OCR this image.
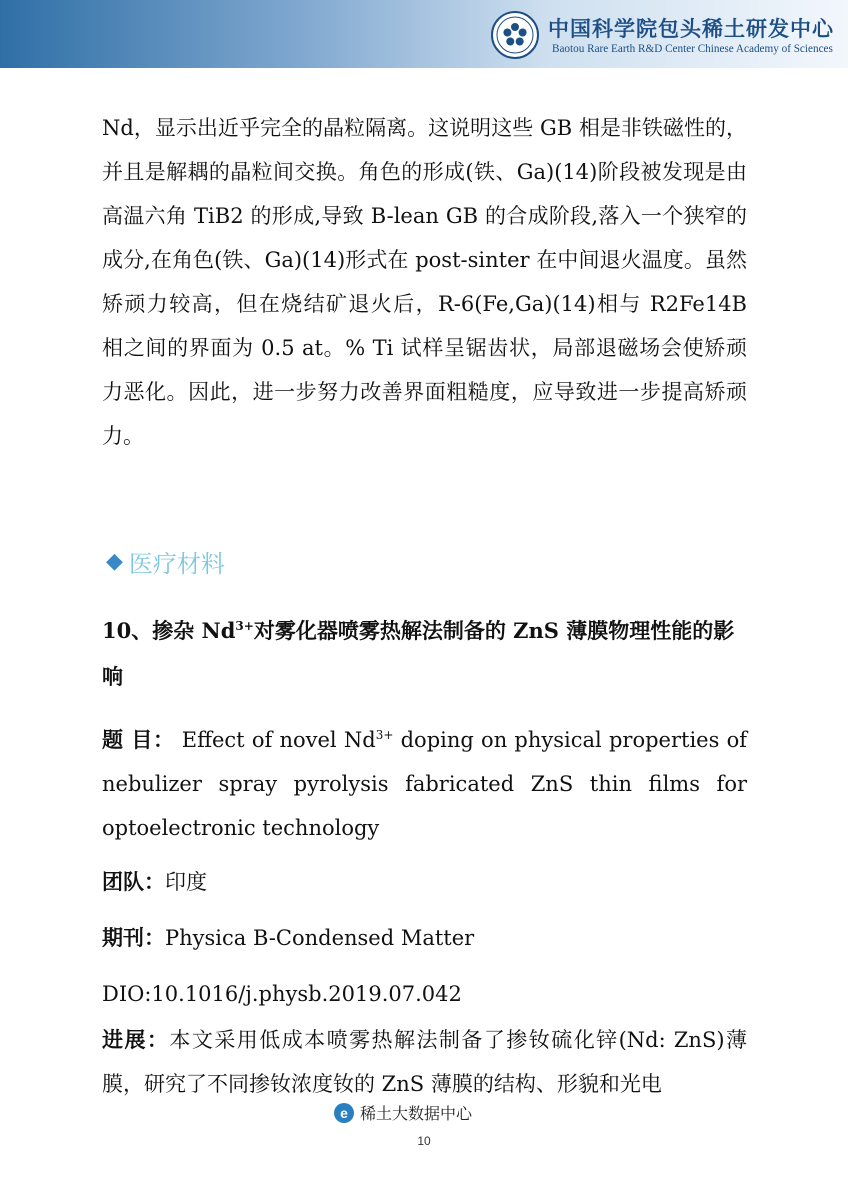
中国科学院包头稀土研发中心
Baotou Rare Earth R&D Center Chinese Academy of Sciences
Nd，显示出近乎完全的晶粒隔离。这说明这些 GB 相是非铁磁性的，并且是解耦的晶粒间交换。角色的形成(铁、Ga)(14)阶段被发现是由高温六角 TiB2 的形成,导致 B-lean GB 的合成阶段,落入一个狭窄的成分,在角色(铁、Ga)(14)形式在 post-sinter 在中间退火温度。虽然矫顽力较高，但在烧结矿退火后，R-6(Fe,Ga)(14)相与 R2Fe14B 相之间的界面为 0.5 at。% Ti 试样呈锯齿状，局部退磁场会使矫顽力恶化。因此，进一步努力改善界面粗糙度，应导致进一步提高矫顽力。
◆ 医疗材料
10、掺杂 $Nd^{3+}$对雾化器喷雾热解法制备的 ZnS 薄膜物理性能的影响
题 目： Effect of novel $Nd^{3+}$ doping on physical properties of nebulizer spray pyrolysis fabricated ZnS thin films for optoelectronic technology
团队：印度
期刊：Physica B-Condensed Matter
DIO:10.1016/j.physb.2019.07.042
进展：本文采用低成本喷雾热解法制备了掺钕硫化锌(Nd: ZnS)薄膜，研究了不同掺钕浓度钕的 ZnS 薄膜的结构、形貌和光电
e 稀土大数据中心
10
